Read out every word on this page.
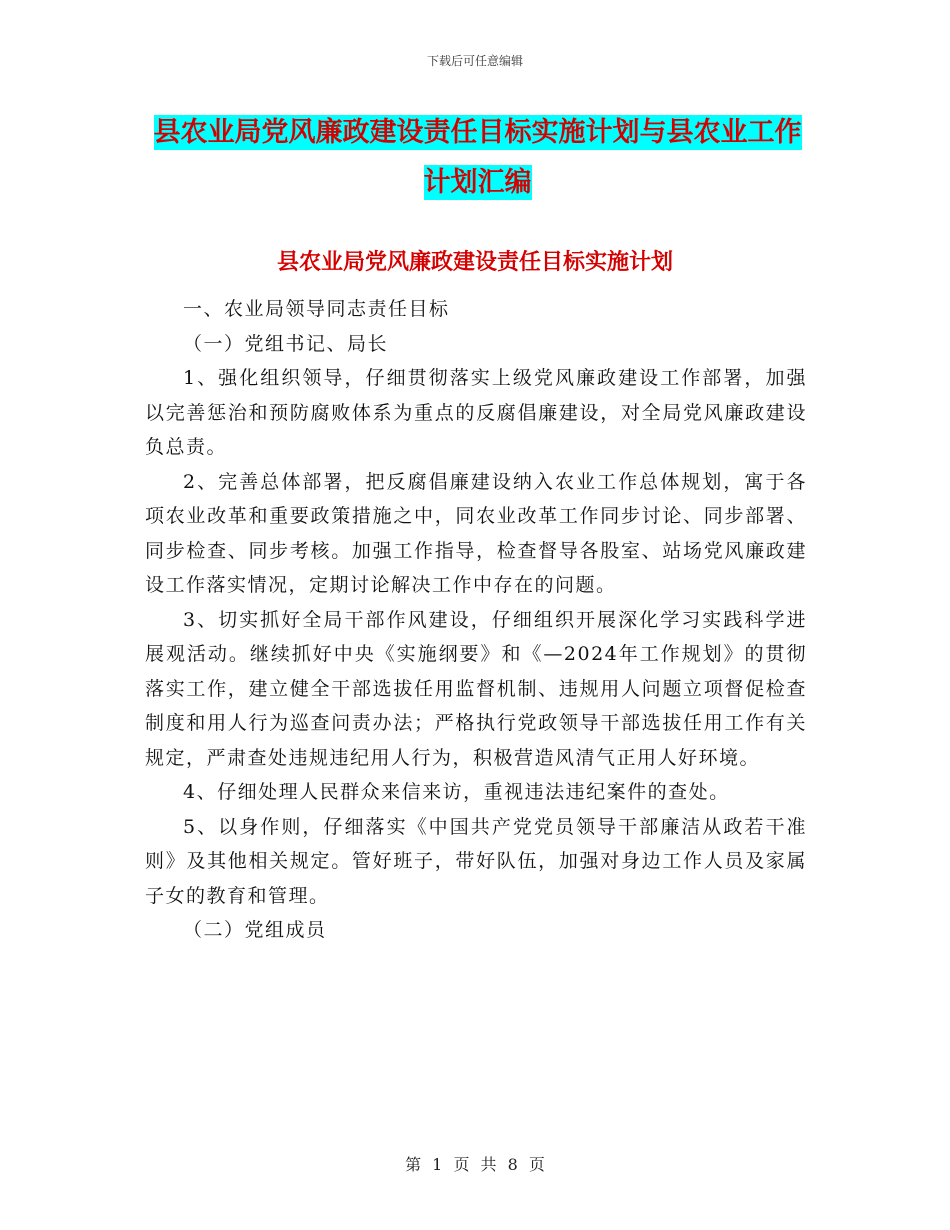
下载后可任意编辑
县农业局党风廉政建设责任目标实施计划与县农业工作计划汇编
县农业局党风廉政建设责任目标实施计划

一、农业局领导同志责任目标

（一）党组书记、局长

1、强化组织领导，仔细贯彻落实上级党风廉政建设工作部署，加强以完善惩治和预防腐败体系为重点的反腐倡廉建设，对全局党风廉政建设负总责。

2、完善总体部署，把反腐倡廉建设纳入农业工作总体规划，寓于各项农业改革和重要政策措施之中，同农业改革工作同步讨论、同步部署、同步检查、同步考核。加强工作指导，检查督导各股室、站场党风廉政建设工作落实情况，定期讨论解决工作中存在的问题。

3、切实抓好全局干部作风建设，仔细组织开展深化学习实践科学进展观活动。继续抓好中央《实施纲要》和《—2024年工作规划》的贯彻落实工作，建立健全干部选拔任用监督机制、违规用人问题立项督促检查制度和用人行为巡查问责办法；严格执行党政领导干部选拔任用工作有关规定，严肃查处违规违纪用人行为，积极营造风清气正用人好环境。

4、仔细处理人民群众来信来访，重视违法违纪案件的查处。

5、以身作则，仔细落实《中国共产党党员领导干部廉洁从政若干准则》及其他相关规定。管好班子，带好队伍，加强对身边工作人员及家属子女的教育和管理。

（二）党组成员

第 1 页 共 8 页
